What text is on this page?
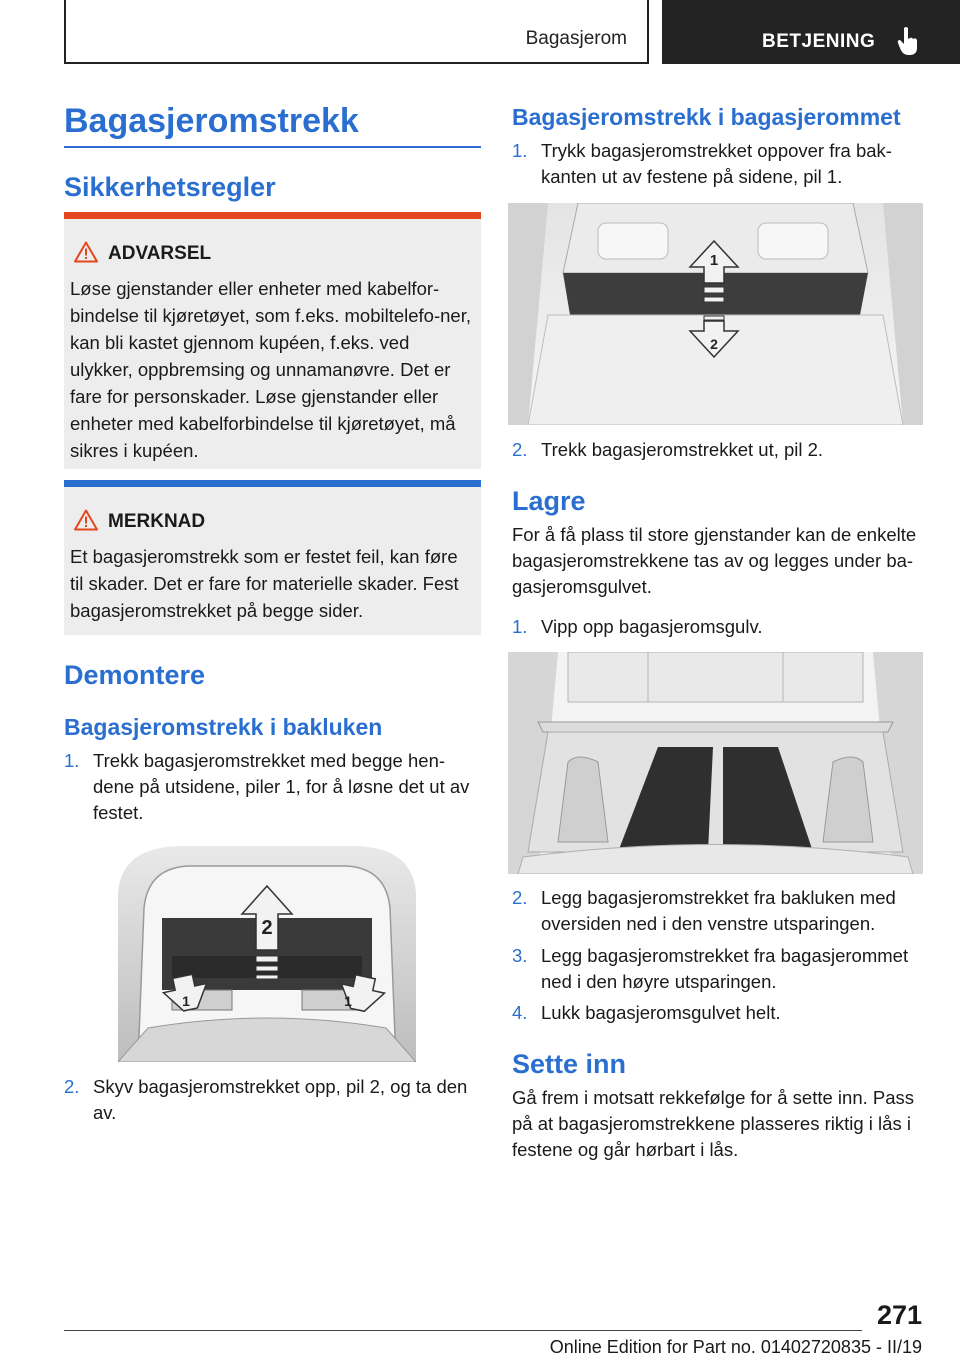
Bagasjerom	BETJENING
Bagasjeromstrekk
Sikkerhetsregler
ADVARSEL
Løse gjenstander eller enheter med kabelfor-bindelse til kjøretøyet, som f.eks. mobiltelefo-ner, kan bli kastet gjennom kupéen, f.eks. ved ulykker, oppbremsing og unnamanøvre. Det er fare for personskader. Løse gjenstander eller enheter med kabelforbindelse til kjøretøyet, må sikres i kupéen.
MERKNAD
Et bagasjeromstrekk som er festet feil, kan føre til skader. Det er fare for materielle skader. Fest bagasjeromstrekket på begge sider.
Demontere
Bagasjeromstrekk i bakluken
1. Trekk bagasjeromstrekket med begge hen-dene på utsidene, piler 1, for å løsne det ut av festet.
2
1	1
2. Skyv bagasjeromstrekket opp, pil 2, og ta den av.
Bagasjeromstrekk i bagasjerommet
1. Trykk bagasjeromstrekket oppover fra bak-kanten ut av festene på sidene, pil 1.
1
2
2. Trekk bagasjeromstrekket ut, pil 2.
Lagre
For å få plass til store gjenstander kan de enkelte bagasjeromstrekkene tas av og legges under ba-gasjeromsgulvet.
1. Vipp opp bagasjeromsgulv.
2. Legg bagasjeromstrekket fra bakluken med oversiden ned i den venstre utsparingen.
3. Legg bagasjeromstrekket fra bagasjerommet ned i den høyre utsparingen.
4. Lukk bagasjeromsgulvet helt.
Sette inn
Gå frem i motsatt rekkefølge for å sette inn. Pass på at bagasjeromstrekkene plasseres riktig i lås i festene og går hørbart i lås.
271
Online Edition for Part no. 01402720835 - II/19
